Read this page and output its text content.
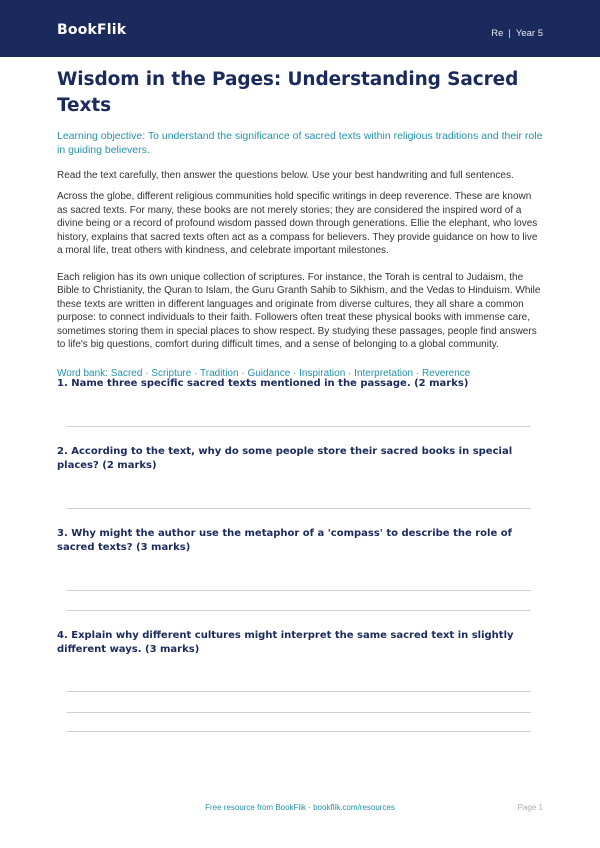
BookFlik	Re | Year 5
Wisdom in the Pages: Understanding Sacred Texts
Learning objective: To understand the significance of sacred texts within religious traditions and their role in guiding believers.
Read the text carefully, then answer the questions below. Use your best handwriting and full sentences.
Across the globe, different religious communities hold specific writings in deep reverence. These are known as sacred texts. For many, these books are not merely stories; they are considered the inspired word of a divine being or a record of profound wisdom passed down through generations. Ellie the elephant, who loves history, explains that sacred texts often act as a compass for believers. They provide guidance on how to live a moral life, treat others with kindness, and celebrate important milestones.
Each religion has its own unique collection of scriptures. For instance, the Torah is central to Judaism, the Bible to Christianity, the Quran to Islam, the Guru Granth Sahib to Sikhism, and the Vedas to Hinduism. While these texts are written in different languages and originate from diverse cultures, they all share a common purpose: to connect individuals to their faith. Followers often treat these physical books with immense care, sometimes storing them in special places to show respect. By studying these passages, people find answers to life's big questions, comfort during difficult times, and a sense of belonging to a global community.
Word bank: Sacred · Scripture · Tradition · Guidance · Inspiration · Interpretation · Reverence
1. Name three specific sacred texts mentioned in the passage. (2 marks)
2. According to the text, why do some people store their sacred books in special places? (2 marks)
3. Why might the author use the metaphor of a 'compass' to describe the role of sacred texts? (3 marks)
4. Explain why different cultures might interpret the same sacred text in slightly different ways. (3 marks)
Free resource from BookFlik · bookflik.com/resources	Page 1
